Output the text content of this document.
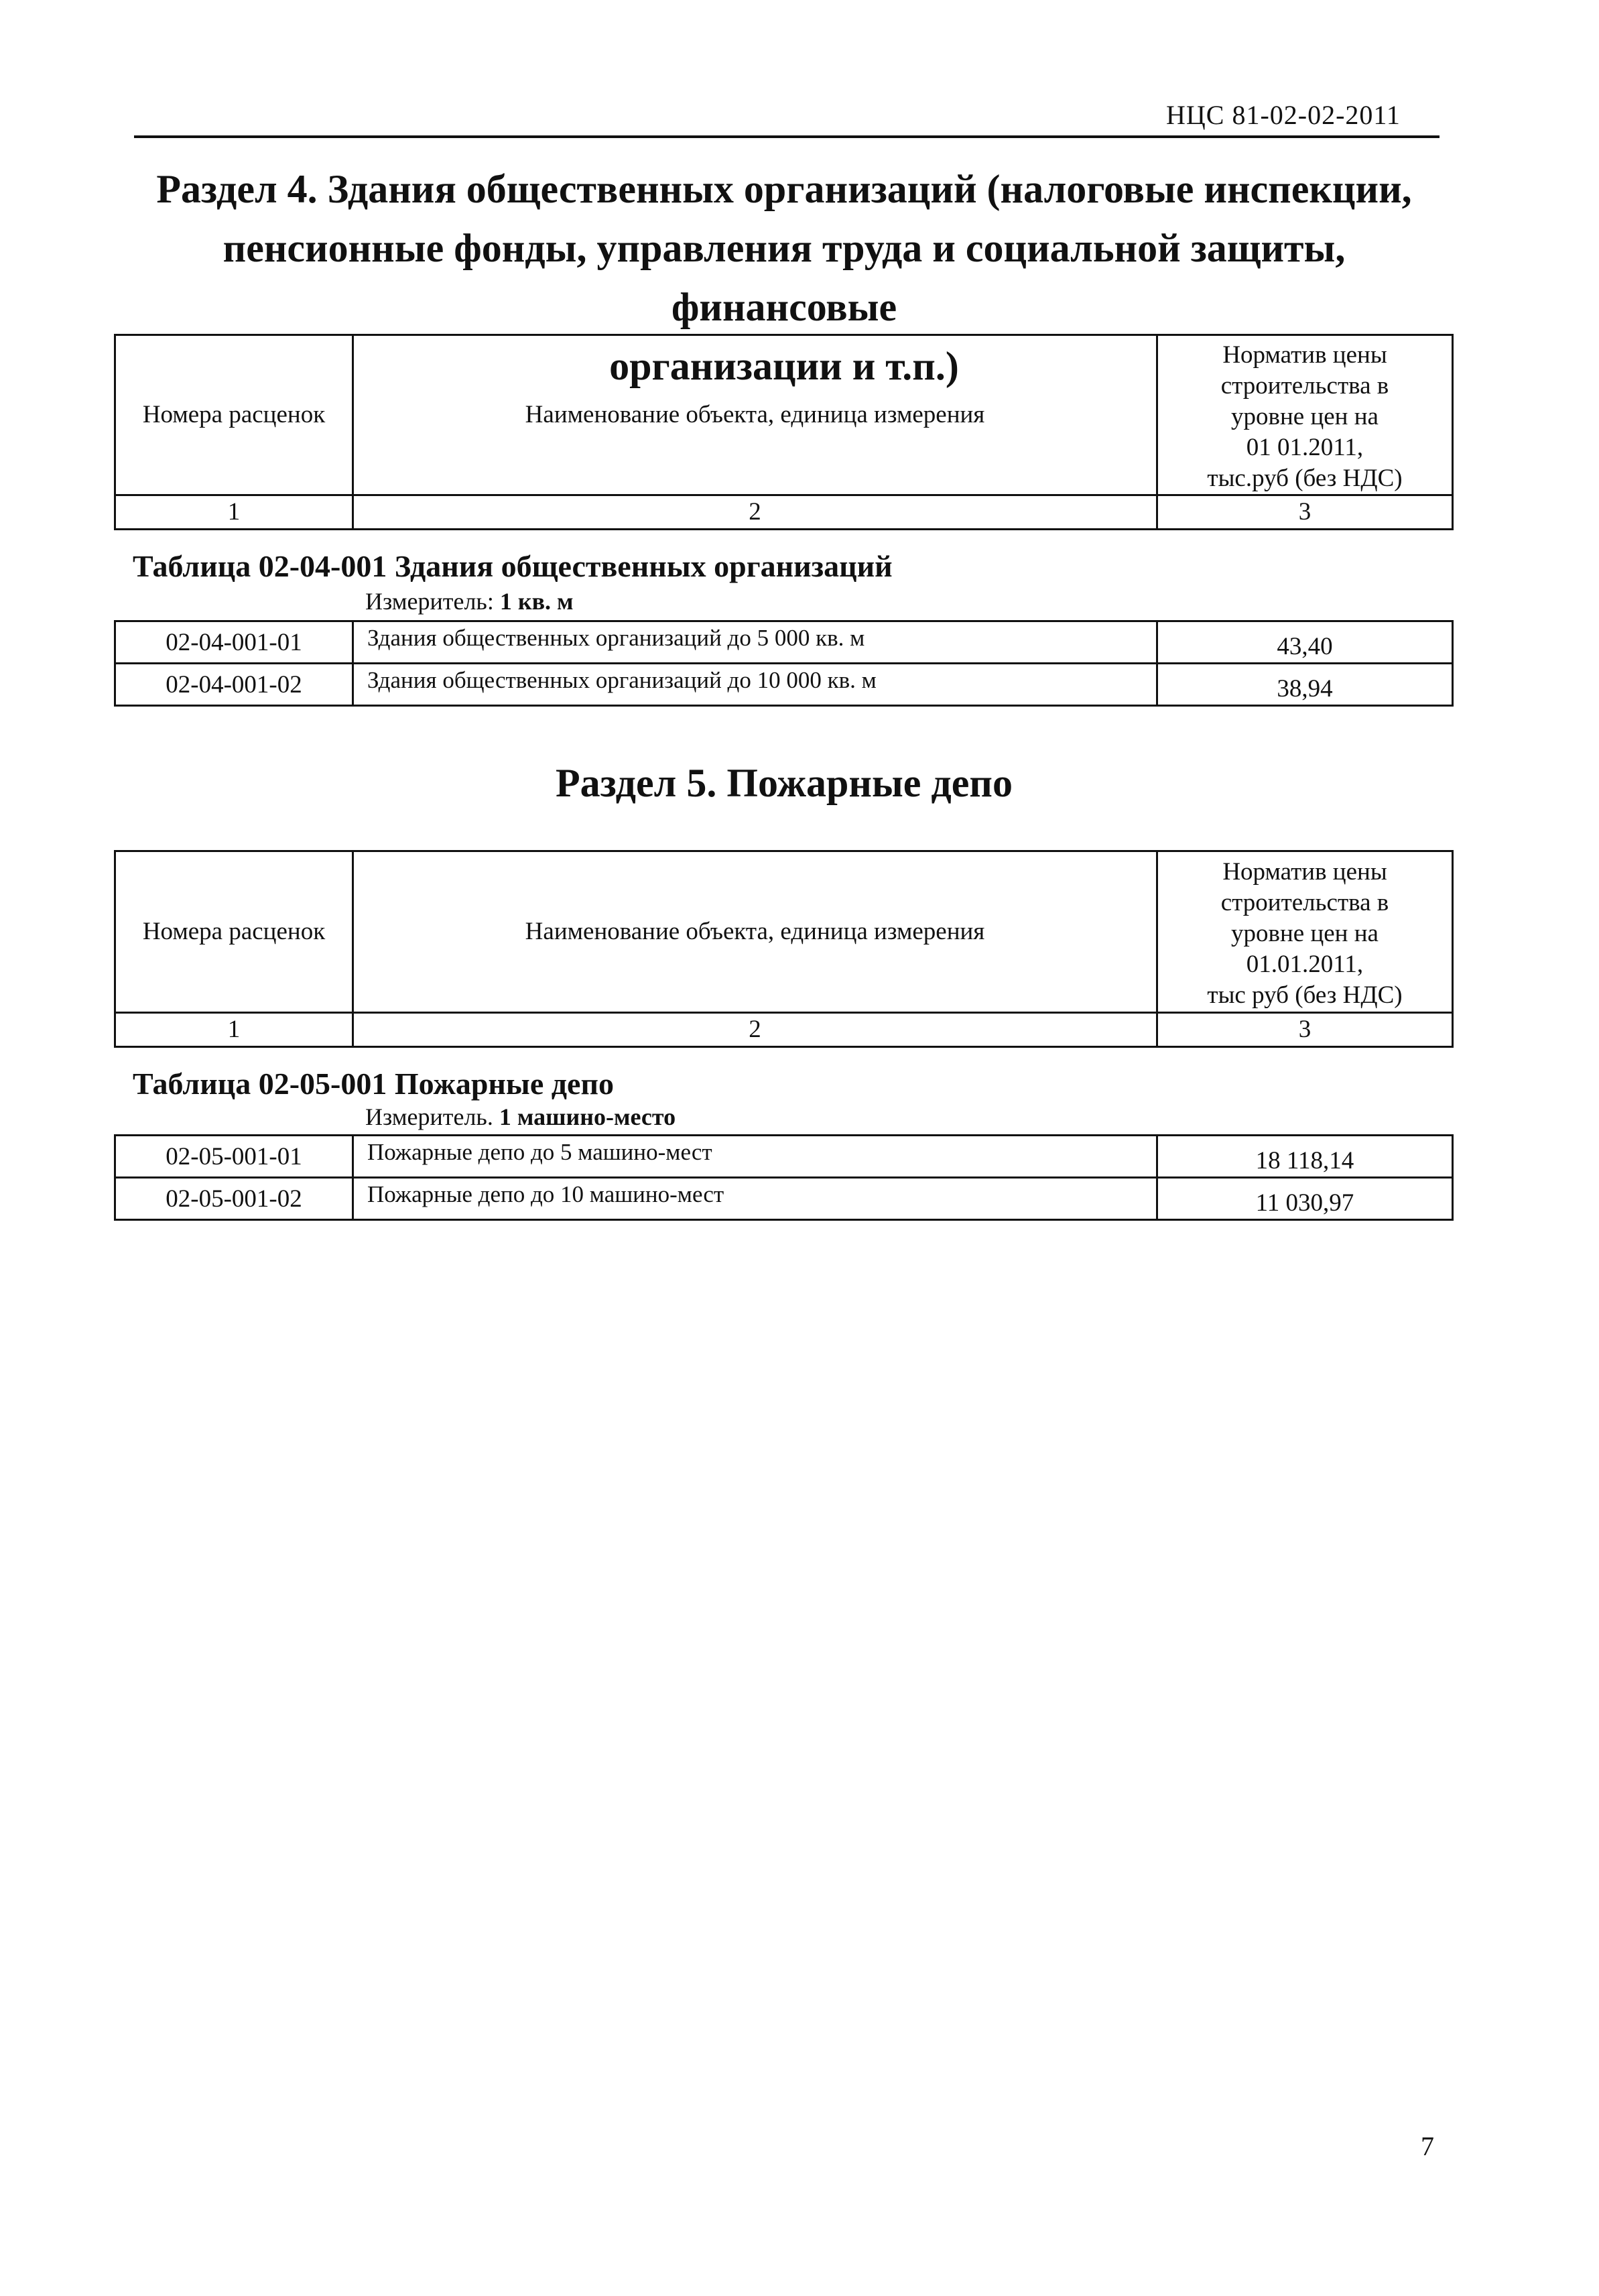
НЦС 81-02-02-2011
Раздел 4. Здания общественных организаций (налоговые инспекции,
пенсионные фонды, управления труда и социальной защиты, финансовые
организации и т.п.)
Номера расценок	Наименование объекта, единица измерения	Норматив цены
строительства в
уровне цен на
01 01.2011,
тыс.руб (без НДС)

1	2	3
Таблица 02-04-001 Здания общественных организаций
Измеритель: 1 кв. м
02-04-001-01	Здания общественных организаций до 5 000 кв. м	43,40
02-04-001-02	Здания общественных организаций до 10 000 кв. м	38,94
Раздел 5. Пожарные депо
Номера расценок	Наименование объекта, единица измерения	Норматив цены
строительства в
уровне цен на
01.01.2011,
тыс руб (без НДС)

1	2	3
Таблица 02-05-001 Пожарные депо
Измеритель. 1 машино-место
02-05-001-01	Пожарные депо до 5 машино-мест	18 118,14
02-05-001-02	Пожарные депо до 10 машино-мест	11 030,97
7
